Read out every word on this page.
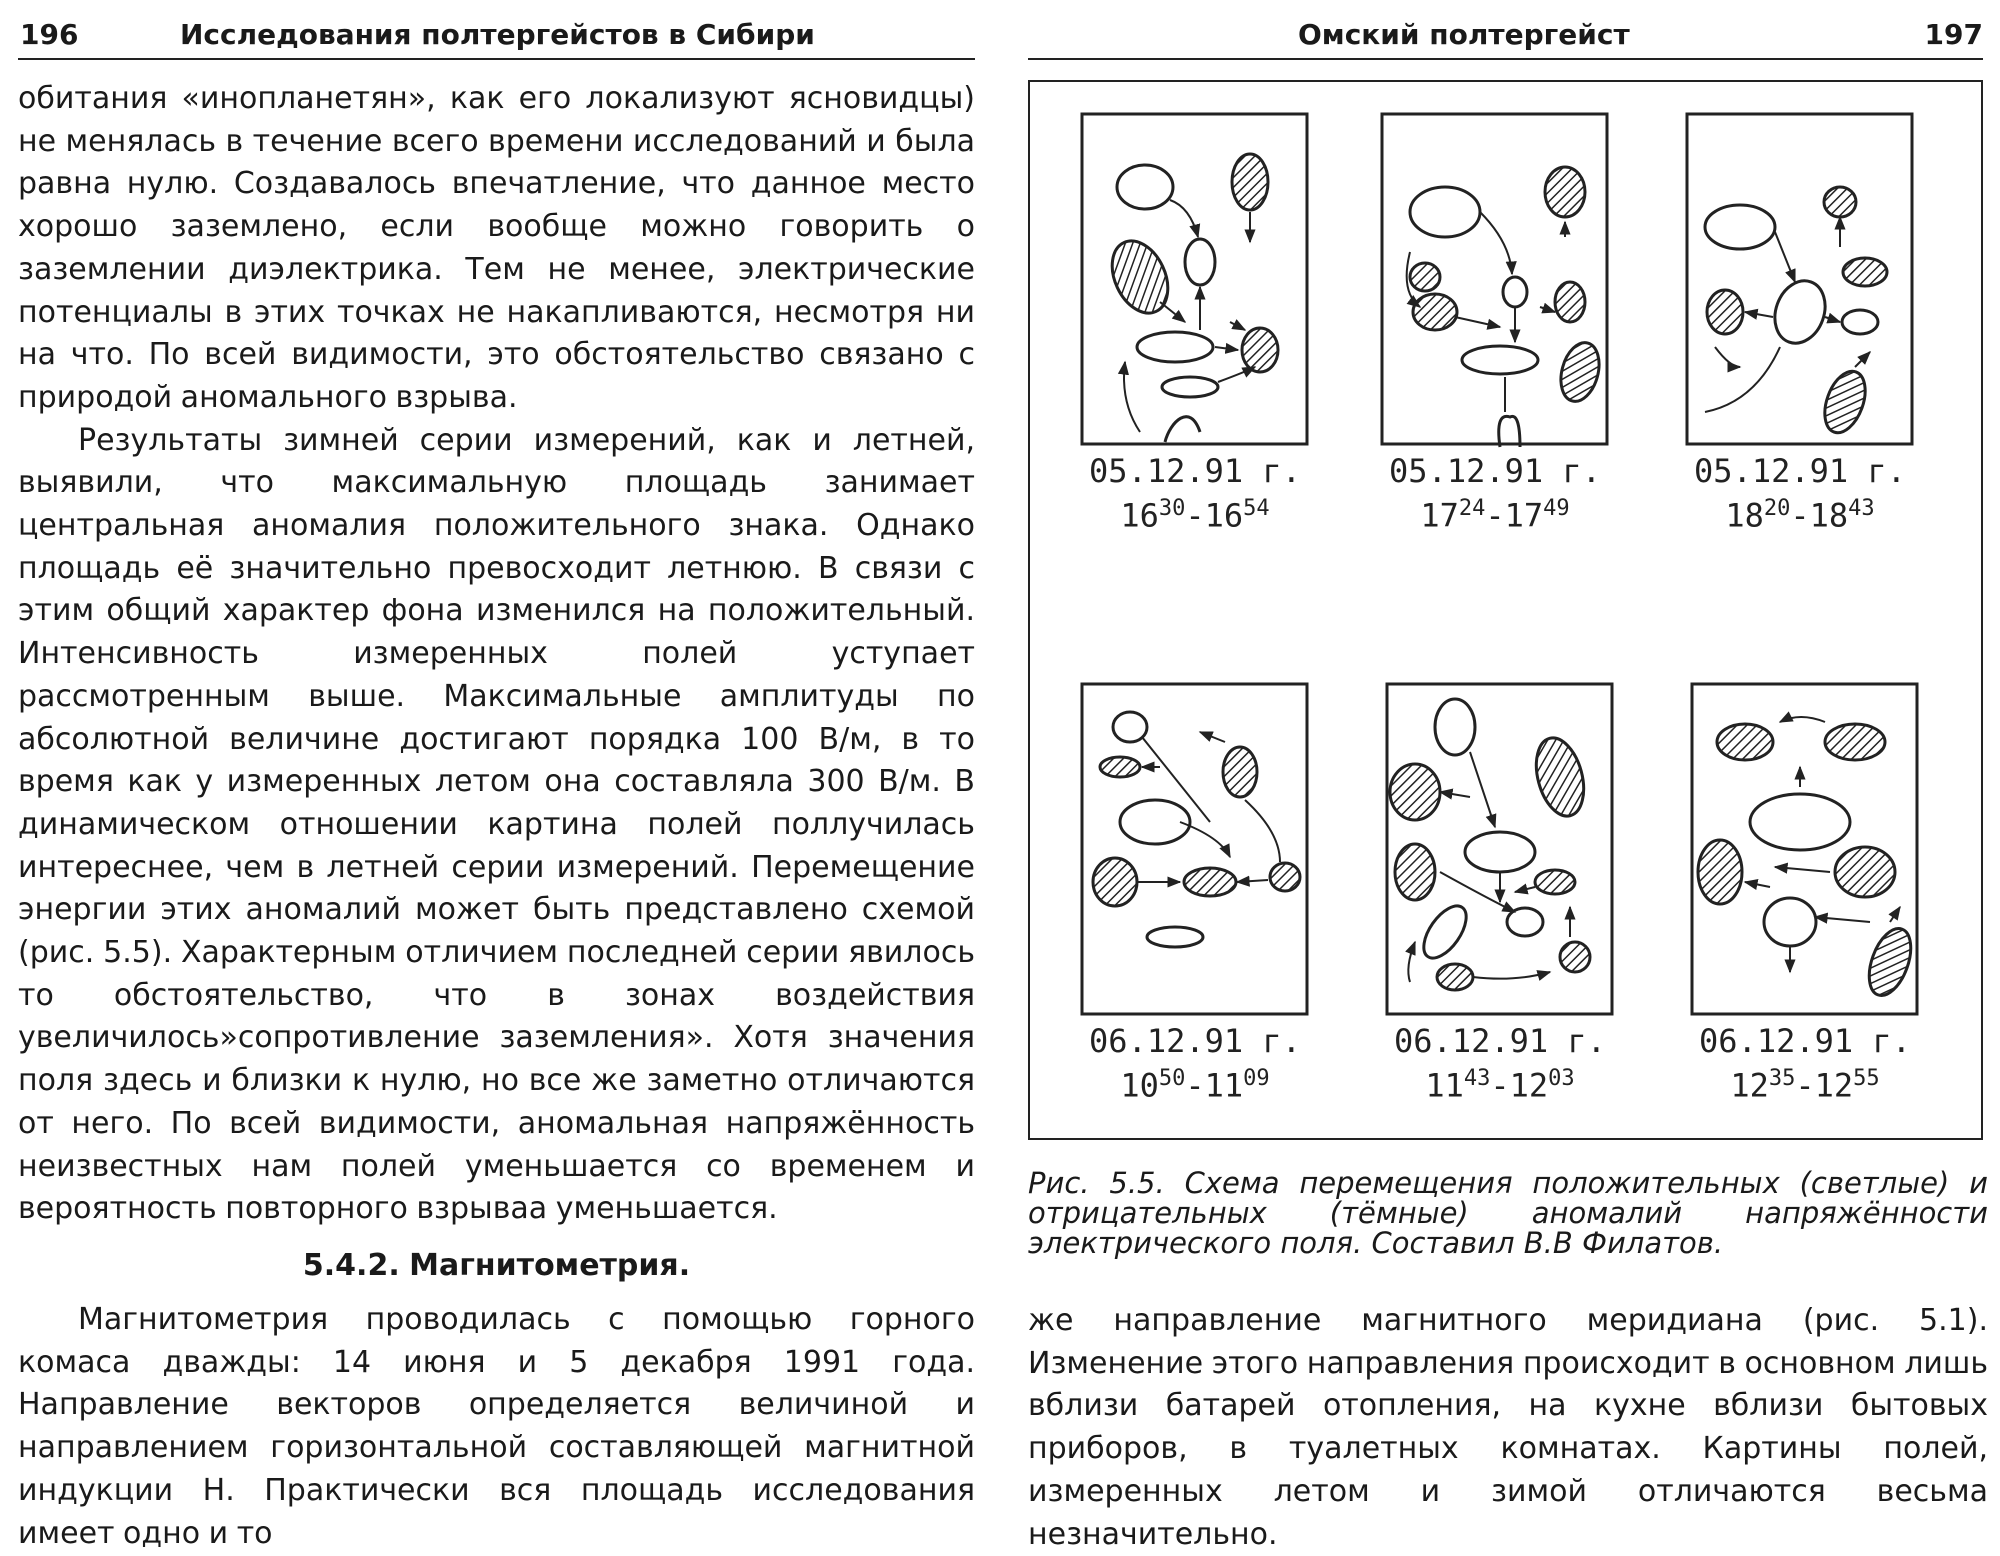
196	Исследования полтергейстов в Сибири

обитания «инопланетян», как его локализуют ясновидцы) не менялась в течение всего времени исследований и была равна нулю. Создавалось впечатление, что данное место хорошо заземлено, если вообще можно говорить о заземлении диэлектрика. Тем не менее, электрические потенциалы в этих точках не накапливаются, несмотря ни на что. По всей видимости, это обстоятельство связано с природой аномального взрыва.

Результаты зимней серии измерений, как и летней, выявили, что максимальную площадь занимает центральная аномалия положительного знака. Однако площадь её значительно превосходит летнюю. В связи с этим общий характер фона изменился на положительный. Интенсивность измеренных полей уступает рассмотренным выше. Максимальные амплитуды по абсолютной величине достигают порядка 100 В/м, в то время как у измеренных летом она составляла 300 В/м. В динамическом отношении картина полей поллучилась интереснее, чем в летней серии измерений. Перемещение энергии этих аномалий может быть представлено схемой (рис. 5.5). Характерным отличием последней серии явилось то обстоятельство, что в зонах воздействия увеличилось»сопротивление заземления». Хотя значения поля здесь и близки к нулю, но все же заметно отличаются от него. По всей видимости, аномальная напряжённость неизвестных нам полей уменьшается со временем и вероятность повторного взрываа уменьшается.

5.4.2. Магнитометрия.

Магнитометрия проводилась с помощью горного комаса дважды: 14 июня и 5 декабря 1991 года. Направление векторов определяется величиной и направлением горизонтальной составляющей магнитной индукции Н. Практически вся площадь исследования имеет одно и то

Омский полтергейст	197
05.12.91 г.
$16^{30}-16^{54}$
05.12.91 г.
$17^{24}-17^{49}$
05.12.91 г.
$18^{20}-18^{43}$
06.12.91 г.
$10^{50}-11^{09}$
06.12.91 г.
$11^{43}-12^{03}$
06.12.91 г.
$12^{35}-12^{55}$
Рис. 5.5. Схема перемещения положительных (светлые) и отрицательных (тёмные) аномалий напряжённости электрического поля. Составил В.В Филатов.

же направление магнитного меридиана (рис. 5.1). Изменение этого направления происходит в основном лишь вблизи батарей отопления, на кухне вблизи бытовых приборов, в туалетных комнатах. Картины полей, измеренных летом и зимой отличаются весьма незначительно.
